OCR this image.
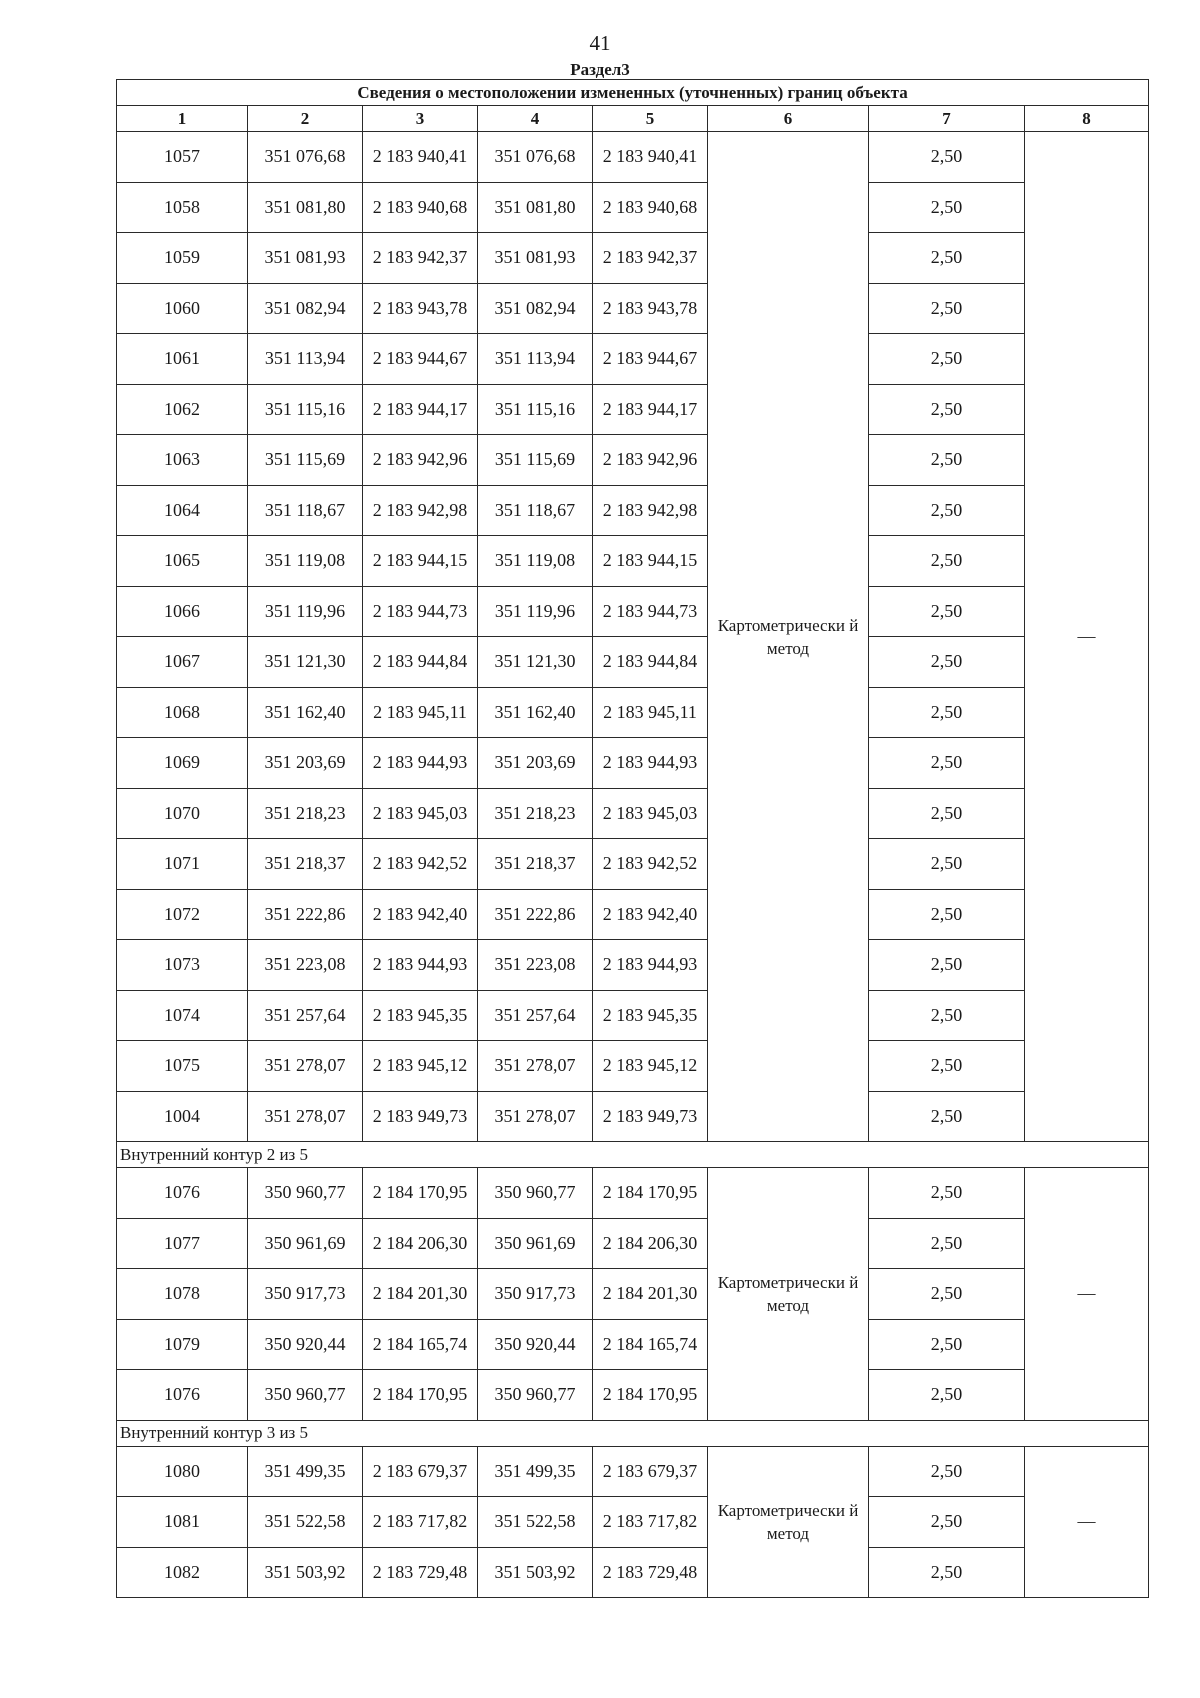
41
Раздел3
Сведения о местоположении измененных (уточненных) границ объекта							
1	2	3	4	5	6	7	8
1057	351 076,68	2 183 940,41	351 076,68	2 183 940,41	Картометрически й метод	2,50	—
1058	351 081,80	2 183 940,68	351 081,80	2 183 940,68		2,50	
1059	351 081,93	2 183 942,37	351 081,93	2 183 942,37		2,50	
1060	351 082,94	2 183 943,78	351 082,94	2 183 943,78		2,50	
1061	351 113,94	2 183 944,67	351 113,94	2 183 944,67		2,50	
1062	351 115,16	2 183 944,17	351 115,16	2 183 944,17		2,50	
1063	351 115,69	2 183 942,96	351 115,69	2 183 942,96		2,50	
1064	351 118,67	2 183 942,98	351 118,67	2 183 942,98		2,50	
1065	351 119,08	2 183 944,15	351 119,08	2 183 944,15		2,50	
1066	351 119,96	2 183 944,73	351 119,96	2 183 944,73		2,50	
1067	351 121,30	2 183 944,84	351 121,30	2 183 944,84		2,50	
1068	351 162,40	2 183 945,11	351 162,40	2 183 945,11		2,50	
1069	351 203,69	2 183 944,93	351 203,69	2 183 944,93		2,50	
1070	351 218,23	2 183 945,03	351 218,23	2 183 945,03		2,50	
1071	351 218,37	2 183 942,52	351 218,37	2 183 942,52		2,50	
1072	351 222,86	2 183 942,40	351 222,86	2 183 942,40		2,50	
1073	351 223,08	2 183 944,93	351 223,08	2 183 944,93		2,50	
1074	351 257,64	2 183 945,35	351 257,64	2 183 945,35		2,50	
1075	351 278,07	2 183 945,12	351 278,07	2 183 945,12		2,50	
1004	351 278,07	2 183 949,73	351 278,07	2 183 949,73		2,50	
Внутренний контур 2 из 5							
1076	350 960,77	2 184 170,95	350 960,77	2 184 170,95	Картометрически й метод	2,50	—
1077	350 961,69	2 184 206,30	350 961,69	2 184 206,30		2,50	
1078	350 917,73	2 184 201,30	350 917,73	2 184 201,30		2,50	
1079	350 920,44	2 184 165,74	350 920,44	2 184 165,74		2,50	
1076	350 960,77	2 184 170,95	350 960,77	2 184 170,95		2,50	
Внутренний контур 3 из 5							
1080	351 499,35	2 183 679,37	351 499,35	2 183 679,37	Картометрически й метод	2,50	—
1081	351 522,58	2 183 717,82	351 522,58	2 183 717,82		2,50	
1082	351 503,92	2 183 729,48	351 503,92	2 183 729,48		2,50	
